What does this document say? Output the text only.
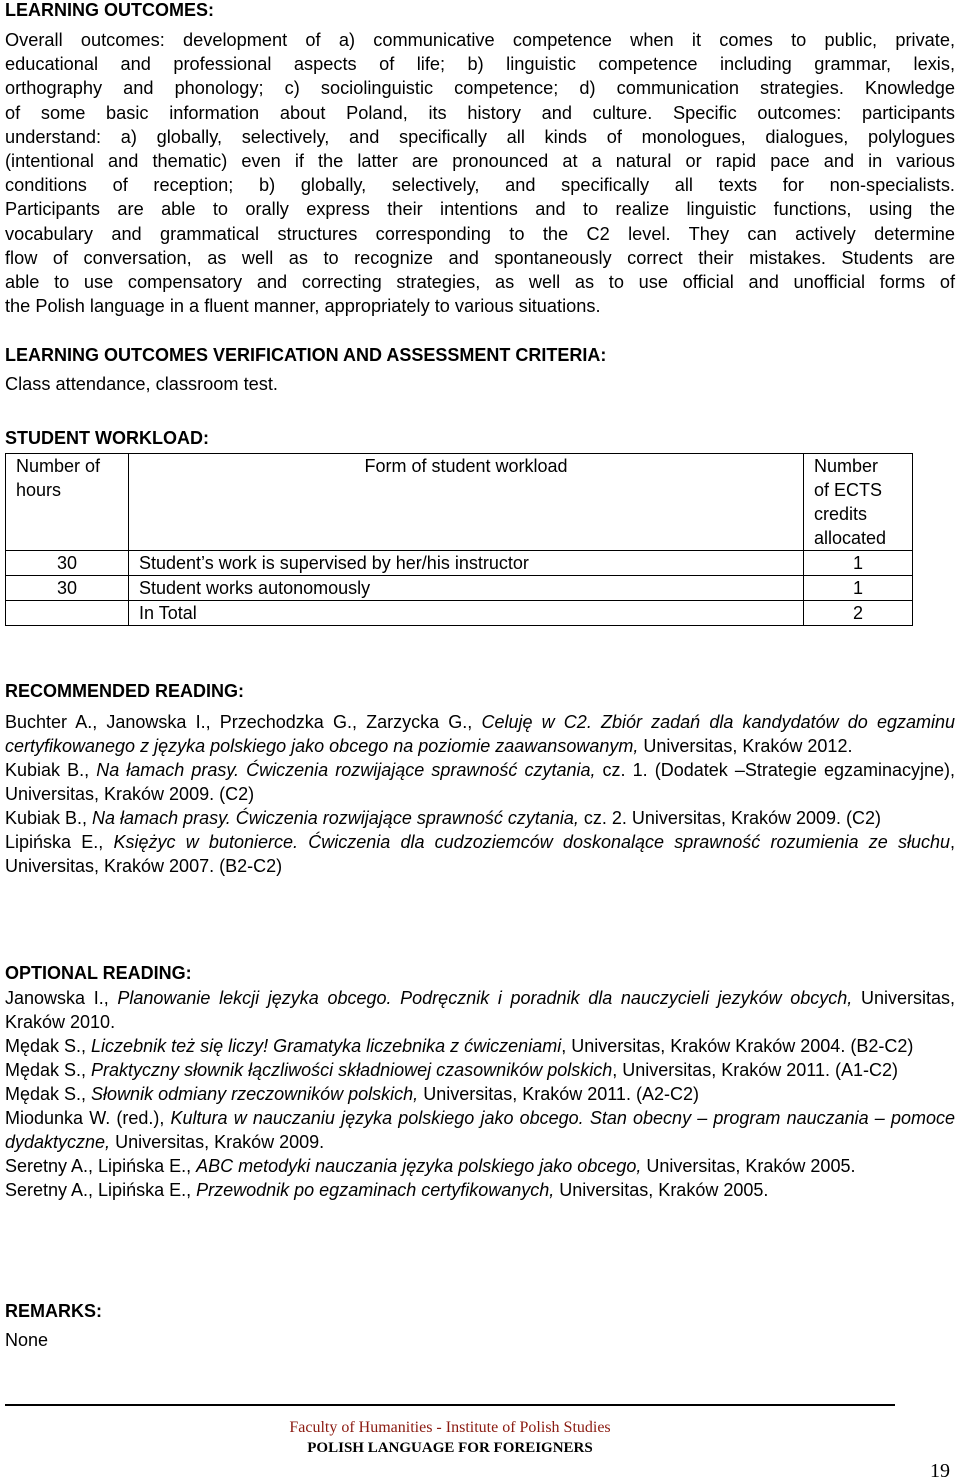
LEARNING OUTCOMES:

Overall outcomes: development of a) communicative competence when it comes to public, private,
educational and professional aspects of life; b) linguistic competence including grammar, lexis,
orthography and phonology; c) sociolinguistic competence; d) communication strategies. Knowledge
of some basic information about Poland, its history and culture. Specific outcomes: participants
understand: a) globally, selectively, and specifically all kinds of monologues, dialogues, polylogues
(intentional and thematic) even if the latter are pronounced at a natural or rapid pace and in various
conditions of reception; b) globally, selectively, and specifically all texts for non-specialists.
Participants are able to orally express their intentions and to realize linguistic functions, using the
vocabulary and grammatical structures corresponding to the C2 level. They can actively determine
flow of conversation, as well as to recognize and spontaneously correct their mistakes. Students are
able to use compensatory and correcting strategies, as well as to use official and unofficial forms of
the Polish language in a fluent manner, appropriately to various situations.

LEARNING OUTCOMES VERIFICATION AND ASSESSMENT CRITERIA:

Class attendance, classroom test.

STUDENT WORKLOAD:
Number of
hours	Form of student workload	Number
of ECTS
credits
allocated

30	Student’s work is supervised by her/his instructor	1
30	Student works autonomously	1
	In Total	2
RECOMMENDED READING:

Buchter A., Janowska I., Przechodzka G., Zarzycka G., Celuję w C2. Zbiór zadań dla kandydatów do egzaminu certyfikowanego z języka polskiego jako obcego na poziomie zaawansowanym, Universitas, Kraków 2012.

Kubiak B., Na łamach prasy. Ćwiczenia rozwijające sprawność czytania, cz. 1. (Dodatek –Strategie egzaminacyjne), Universitas, Kraków 2009. (C2)

Kubiak B., Na łamach prasy. Ćwiczenia rozwijające sprawność czytania, cz. 2. Universitas, Kraków 2009. (C2)

Lipińska E., Księżyc w butonierce. Ćwiczenia dla cudzoziemców doskonalące sprawność rozumienia ze słuchu, Universitas, Kraków 2007. (B2-C2)

OPTIONAL READING:

Janowska I., Planowanie lekcji języka obcego. Podręcznik i poradnik dla nauczycieli jezyków obcych, Universitas, Kraków 2010.

Mędak S., Liczebnik też się liczy! Gramatyka liczebnika z ćwiczeniami, Universitas, Kraków Kraków 2004. (B2-C2)

Mędak S., Praktyczny słownik łączliwości składniowej czasowników polskich, Universitas, Kraków 2011. (A1-C2)

Mędak S., Słownik odmiany rzeczowników polskich, Universitas, Kraków 2011. (A2-C2)

Miodunka W. (red.), Kultura w nauczaniu języka polskiego jako obcego. Stan obecny – program nauczania – pomoce dydaktyczne, Universitas, Kraków 2009.

Seretny A., Lipińska E., ABC metodyki nauczania języka polskiego jako obcego, Universitas, Kraków 2005.

Seretny A., Lipińska E., Przewodnik po egzaminach certyfikowanych, Universitas, Kraków 2005.

REMARKS:

None

Faculty of Humanities - Institute of Polish Studies
POLISH LANGUAGE FOR FOREIGNERS
19
